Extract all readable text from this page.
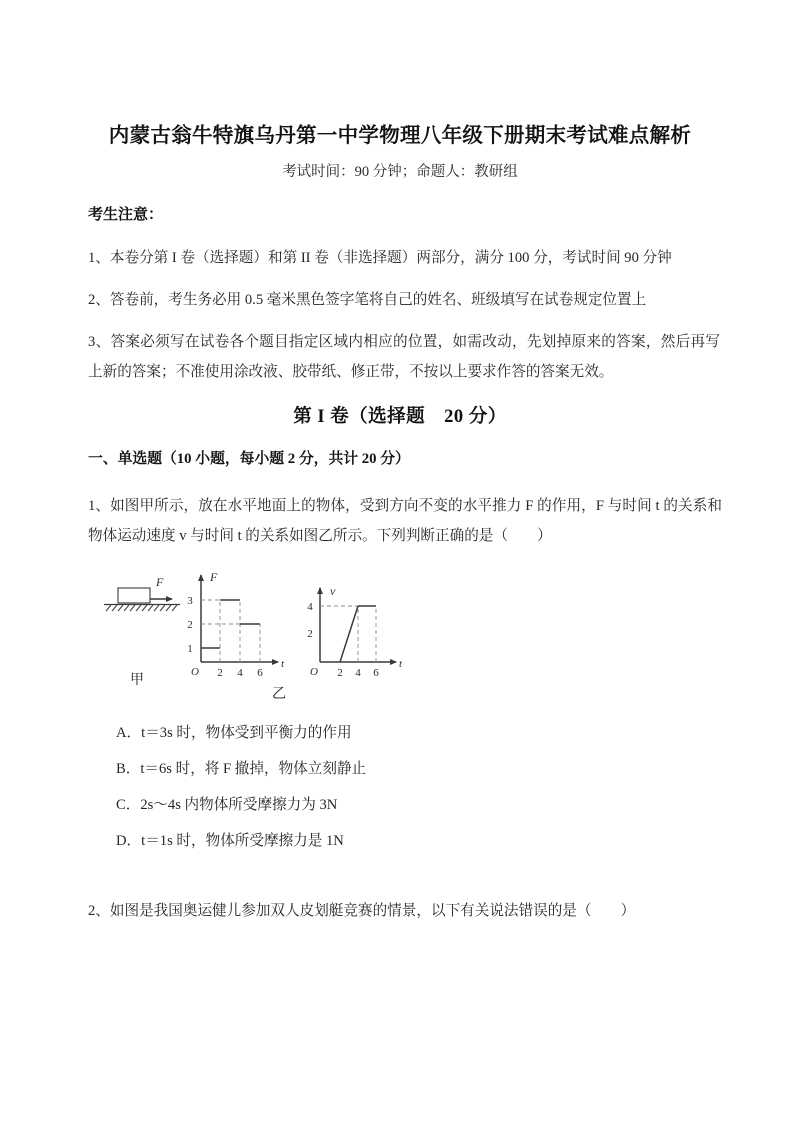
内蒙古翁牛特旗乌丹第一中学物理八年级下册期末考试难点解析
考试时间：90 分钟；命题人：教研组
考生注意：
1、本卷分第 I 卷（选择题）和第 II 卷（非选择题）两部分，满分 100 分，考试时间 90 分钟
2、答卷前，考生务必用 0.5 毫米黑色签字笔将自己的姓名、班级填写在试卷规定位置上
3、答案必须写在试卷各个题目指定区域内相应的位置，如需改动，先划掉原来的答案，然后再写上新的答案；不准使用涂改液、胶带纸、修正带，不按以上要求作答的答案无效。
第 I 卷（选择题　20 分）
一、单选题（10 小题，每小题 2 分，共计 20 分）
1、如图甲所示，放在水平地面上的物体，受到方向不变的水平推力 F 的作用，F 与时间 t 的关系和物体运动速度 v 与时间 t 的关系如图乙所示。下列判断正确的是（　　）
F
甲
F
t
O
1
2
3
2 4 6
v
t
O
2
4
2 4 6
乙
A．t＝3s 时，物体受到平衡力的作用
B．t＝6s 时，将 F 撤掉，物体立刻静止
C．2s～4s 内物体所受摩擦力为 3N
D．t＝1s 时，物体所受摩擦力是 1N
2、如图是我国奥运健儿参加双人皮划艇竞赛的情景，以下有关说法错误的是（　　）
